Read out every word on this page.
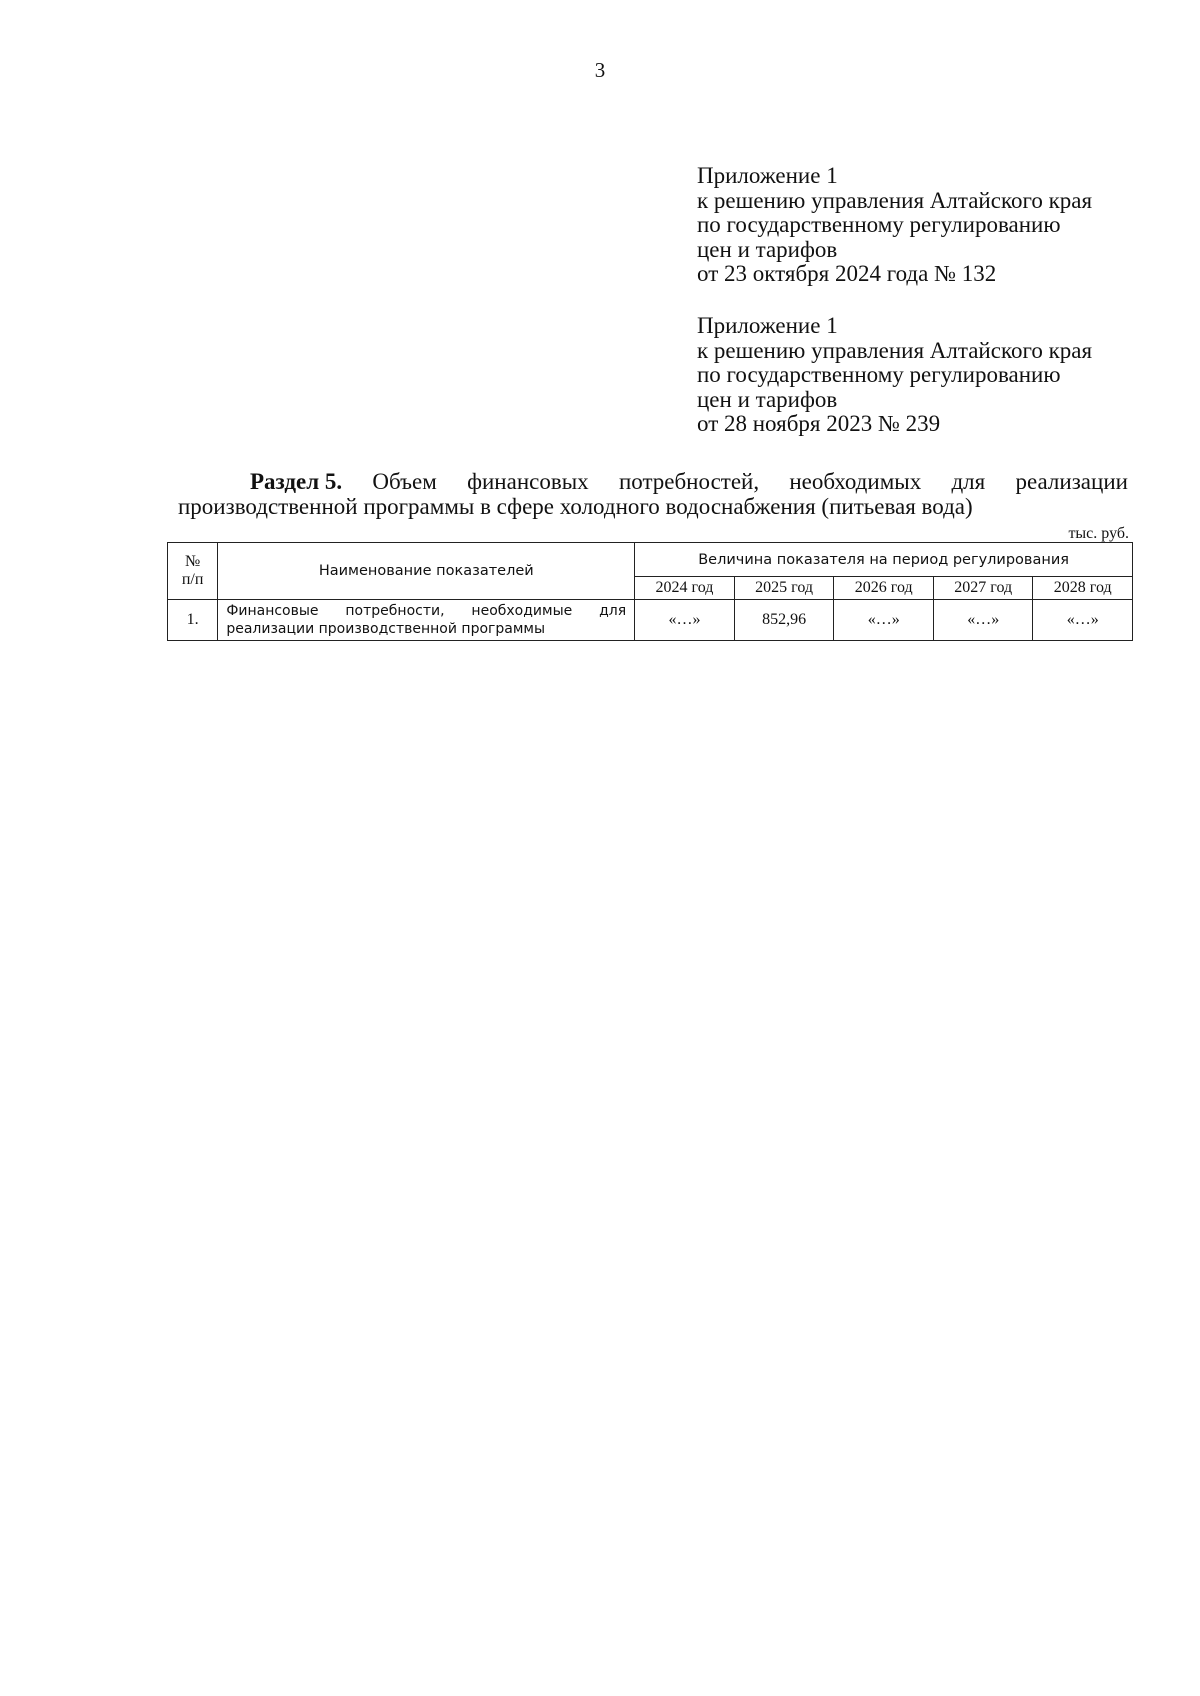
3
Приложение 1
к решению управления Алтайского края
по государственному регулированию
цен и тарифов
от 23 октября 2024 года № 132
Приложение 1
к решению управления Алтайского края
по государственному регулированию
цен и тарифов
от 28 ноября 2023 № 239
Раздел 5. Объем финансовых потребностей, необходимых для реализации
производственной программы в сфере холодного водоснабжения (питьевая вода)
тыс. руб.
№
п/п	Наименование показателей	Величина показателя на период регулирования				
		2024 год	2025 год	2026 год	2027 год	2028 год
1.	Финансовые потребности, необходимые для
реализации производственной программы	«…»	852,96	«…»	«…»	«…»
